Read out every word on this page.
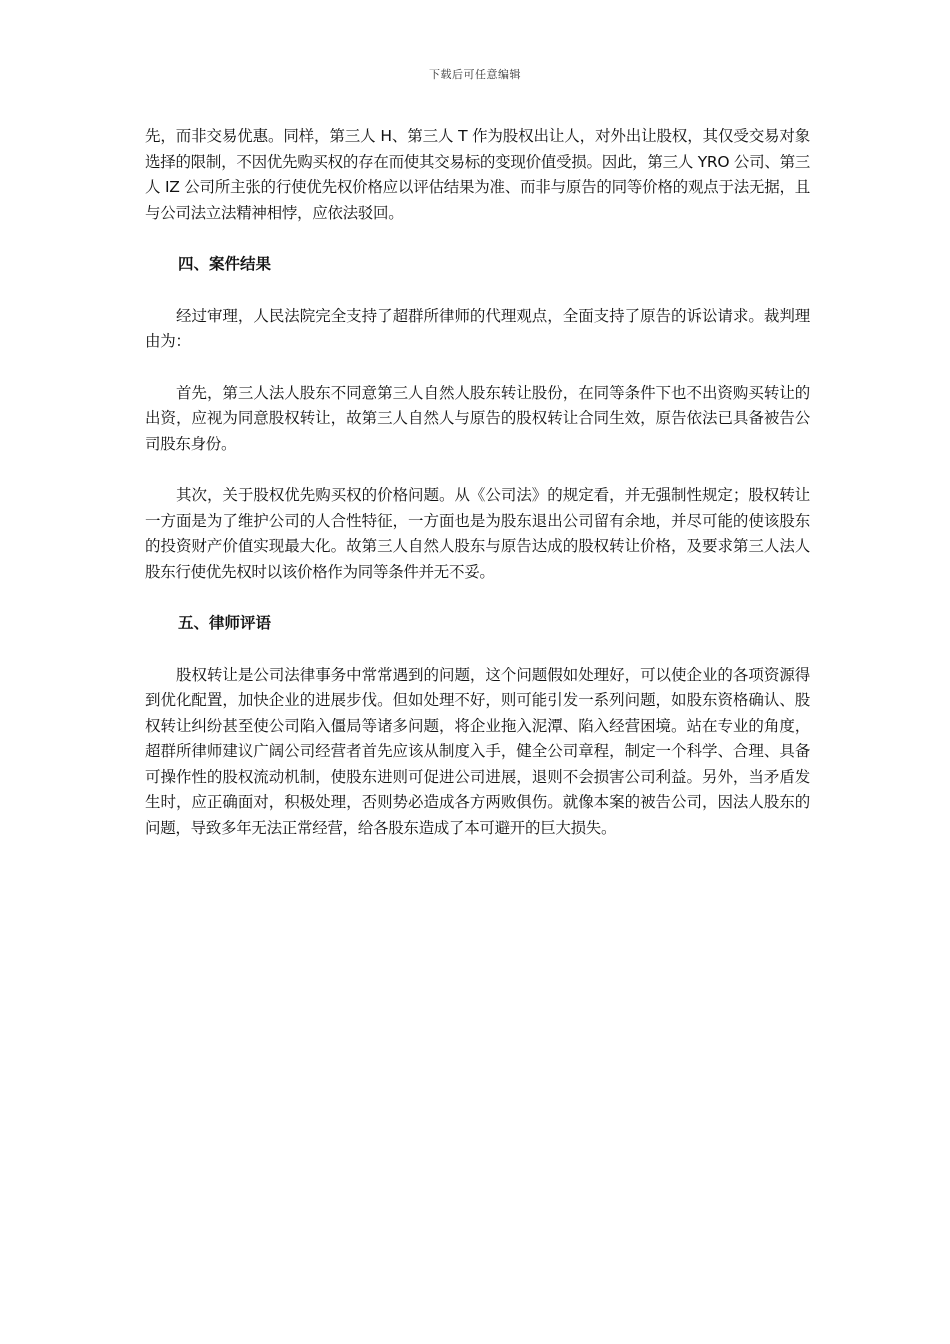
下载后可任意编辑

先，而非交易优惠。同样，第三人 H、第三人 T 作为股权出让人，对外出让股权，其仅受交易对象选择的限制，不因优先购买权的存在而使其交易标的变现价值受损。因此，第三人 YRO 公司、第三人 IZ 公司所主张的行使优先权价格应以评估结果为准、而非与原告的同等价格的观点于法无据，且与公司法立法精神相悖，应依法驳回。

四、案件结果

经过审理，人民法院完全支持了超群所律师的代理观点，全面支持了原告的诉讼请求。裁判理由为：

首先，第三人法人股东不同意第三人自然人股东转让股份，在同等条件下也不出资购买转让的出资，应视为同意股权转让，故第三人自然人与原告的股权转让合同生效，原告依法已具备被告公司股东身份。

其次，关于股权优先购买权的价格问题。从《公司法》的规定看，并无强制性规定；股权转让一方面是为了维护公司的人合性特征，一方面也是为股东退出公司留有余地，并尽可能的使该股东的投资财产价值实现最大化。故第三人自然人股东与原告达成的股权转让价格，及要求第三人法人股东行使优先权时以该价格作为同等条件并无不妥。

五、律师评语

股权转让是公司法律事务中常常遇到的问题，这个问题假如处理好，可以使企业的各项资源得到优化配置，加快企业的进展步伐。但如处理不好，则可能引发一系列问题，如股东资格确认、股权转让纠纷甚至使公司陷入僵局等诸多问题，将企业拖入泥潭、陷入经营困境。站在专业的角度，超群所律师建议广阔公司经营者首先应该从制度入手，健全公司章程，制定一个科学、合理、具备可操作性的股权流动机制，使股东进则可促进公司进展，退则不会损害公司利益。另外，当矛盾发生时，应正确面对，积极处理，否则势必造成各方两败俱伤。就像本案的被告公司，因法人股东的问题，导致多年无法正常经营，给各股东造成了本可避开的巨大损失。
